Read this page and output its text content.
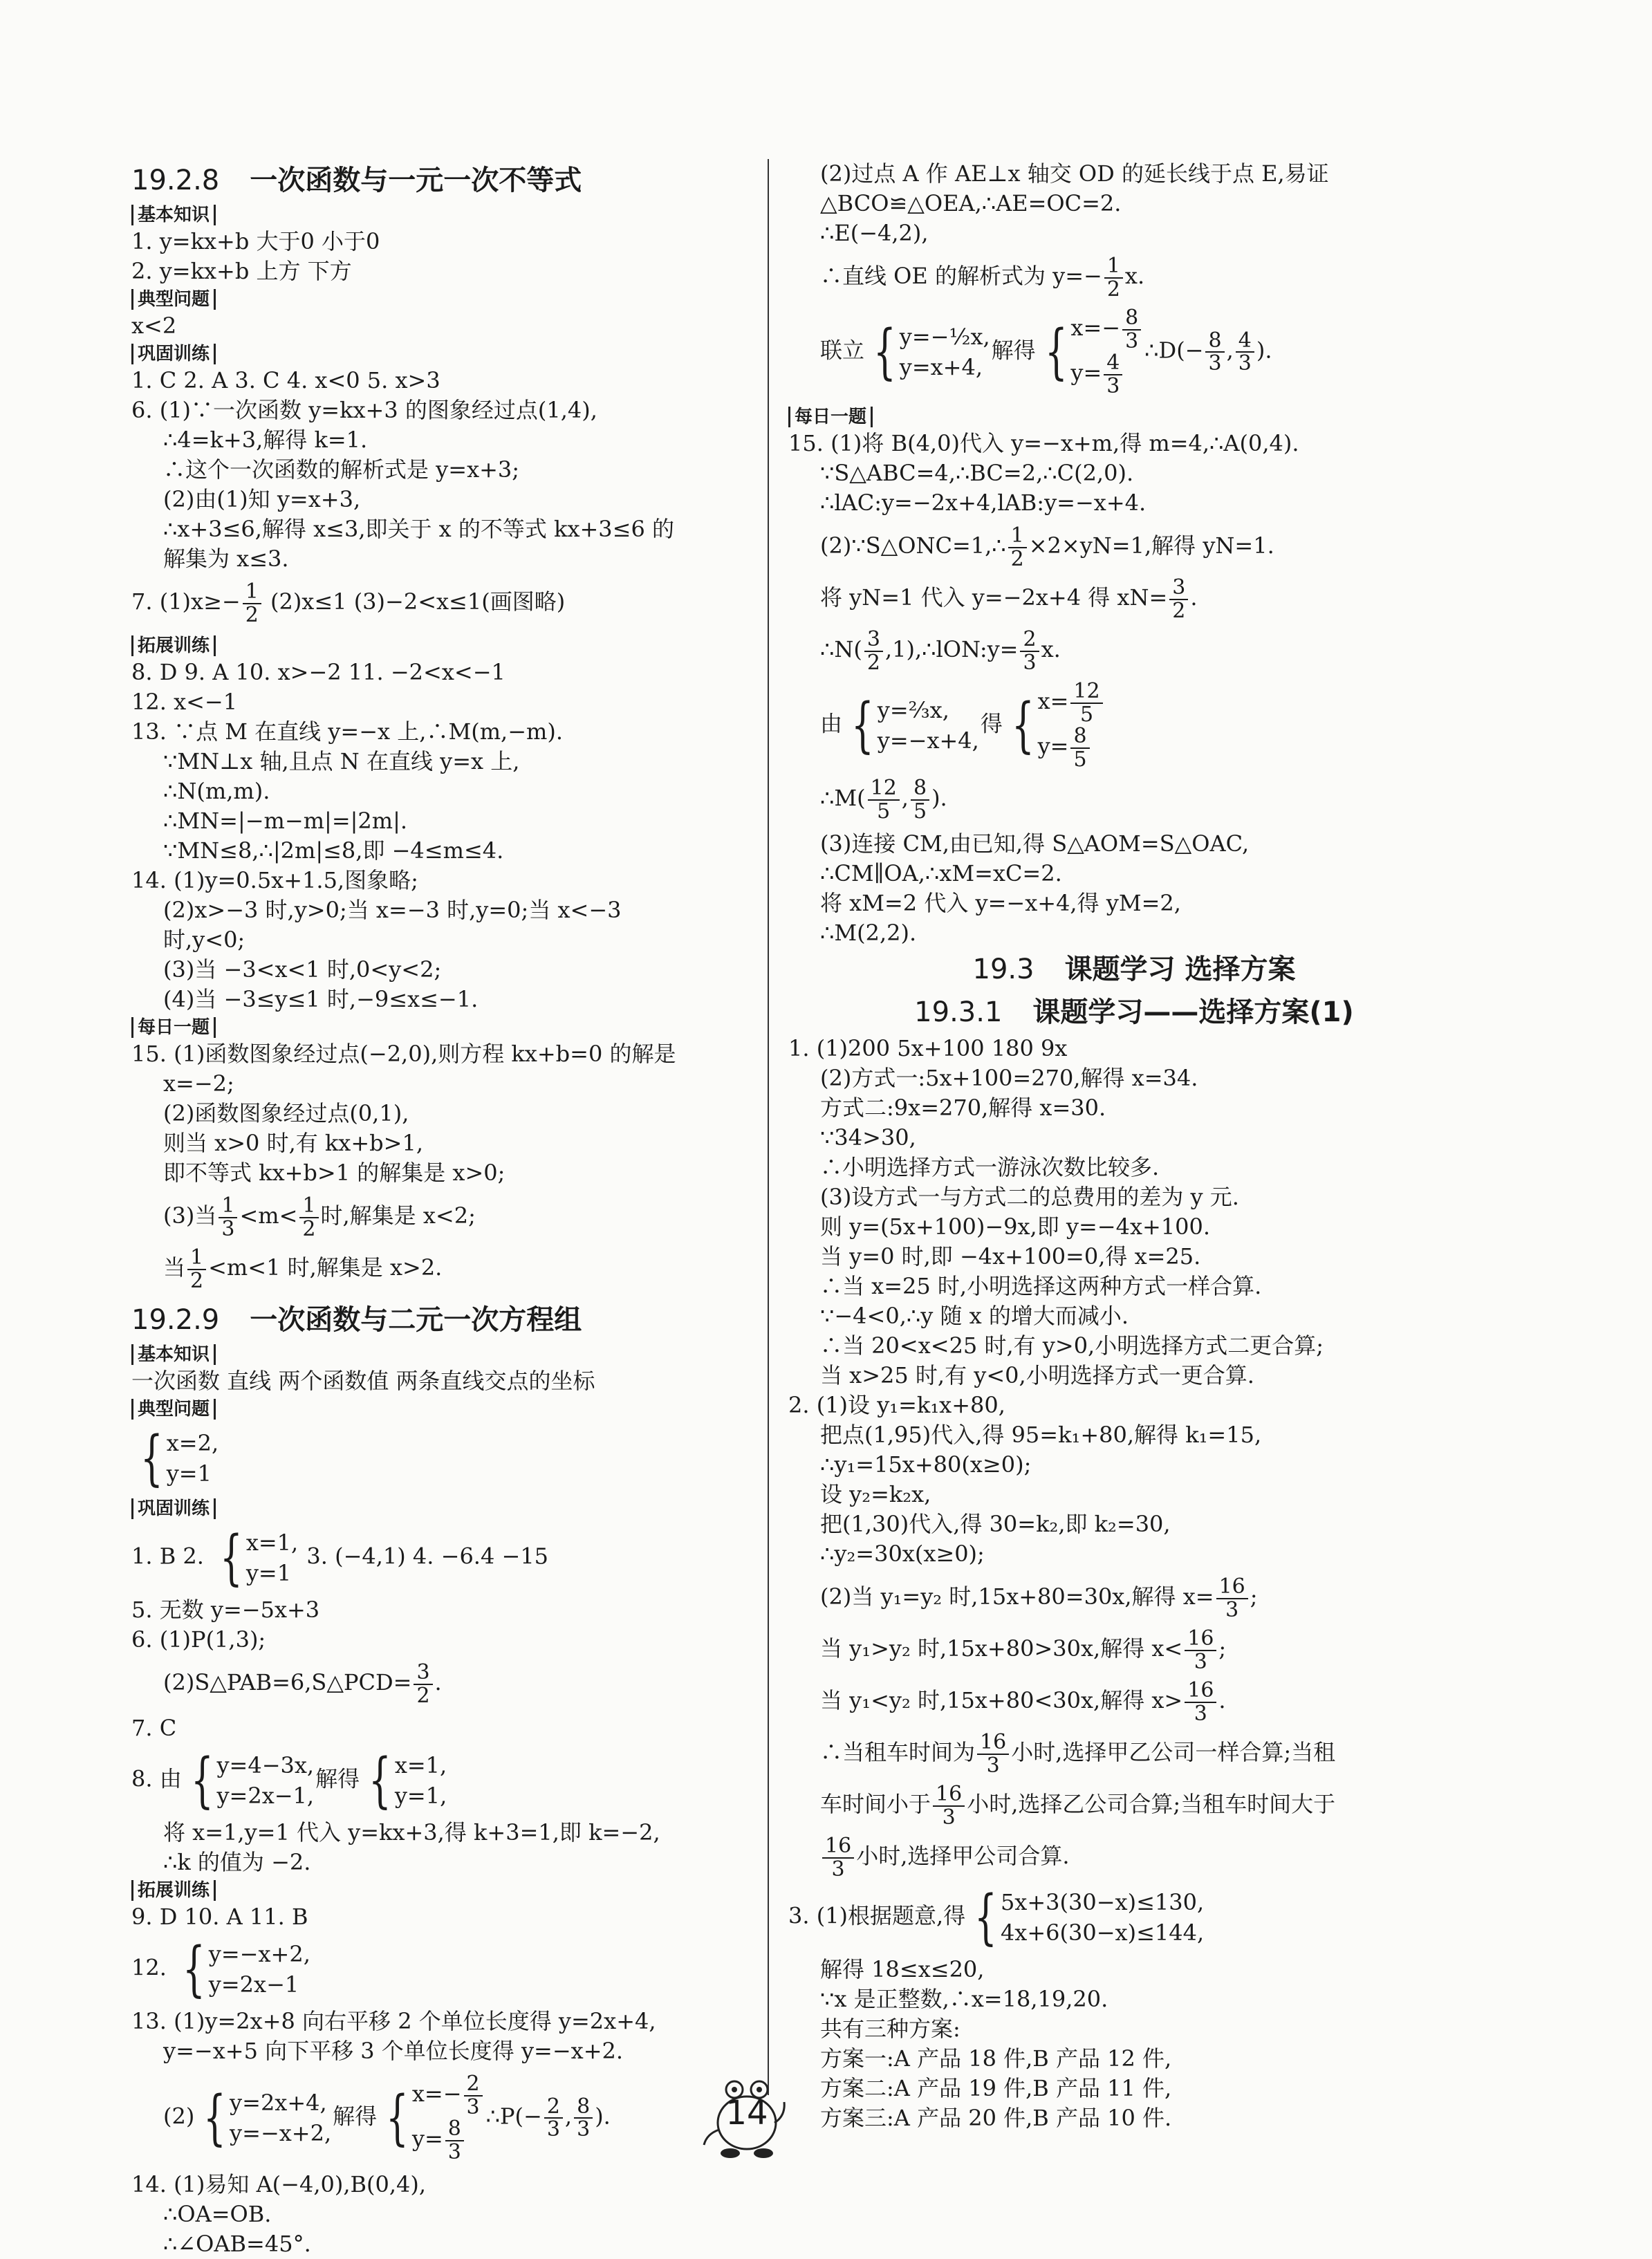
19.2.8 一次函数与一元一次不等式
基本知识
1. y=kx+b 大于0 小于0
2. y=kx+b 上方 下方
典型问题
x<2
巩固训练
1. C 2. A 3. C 4. x<0 5. x>3
6. (1)∵一次函数 y=kx+3 的图象经过点(1,4),
∴4=k+3,解得 k=1.
∴这个一次函数的解析式是 y=x+3;
(2)由(1)知 y=x+3,
∴x+3≤6,解得 x≤3,即关于 x 的不等式 kx+3≤6 的
解集为 x≤3.
7. $(1)x\ge- \frac{1}{2} (2)x\le 1$ (3)−2<x≤1(画图略)
拓展训练
8. D 9. A 10. x>−2 11. −2<x<−1
12. x<−1
13. ∵点 M 在直线 y=−x 上,∴M(m,−m).
∵MN⊥x 轴,且点 N 在直线 y=x 上,
∴N(m,m).
∴MN=|−m−m|=|2m|.
∵MN≤8,∴|2m|≤8,即 −4≤m≤4.
14. (1)y=0.5x+1.5,图象略;
(2)x>−3 时,y>0;当 x=−3 时,y=0;当 x<−3
时,y<0;
(3)当 −3<x<1 时,0<y<2;
(4)当 −3≤y≤1 时,−9≤x≤−1.
每日一题
15. (1)函数图象经过点(−2,0),则方程 kx+b=0 的解是
x=−2;
(2)函数图象经过点(0,1),
则当 x>0 时,有 kx+b>1,
即不等式 kx+b>1 的解集是 x>0;
(3)当 $\frac{1}{3} <m< \frac{1}{2}$ 时,解集是 x<2;
当 $\frac{1}{2} <m<1$ 时,解集是 x>2.
19.2.9 一次函数与二元一次方程组
基本知识
一次函数 直线 两个函数值 两条直线交点的坐标
典型问题
{ x=2,
y=1
巩固训练
1. B 2. { x=1,
y=1
3. (−4,1) 4. −6.4 −15
5. 无数 y=−5x+3
6. (1)P(1,3);
(2)S△PAB=6,S△PCD= $\frac{3}{2}$ .
7. C
8. 由 { y=4−3x,
y=2x−1,
解得 { x=1,
y=1,
将 x=1,y=1 代入 y=kx+3,得 k+3=1,即 k=−2,
∴k 的值为 −2.
拓展训练
9. D 10. A 11. B
12. { y=−x+2,
y=2x−1
13. (1)y=2x+8 向右平移 2 个单位长度得 y=2x+4,
y=−x+5 向下平移 3 个单位长度得 y=−x+2.
(2) { y=2x+4,
y=−x+2,
解得 { $x=- \frac{2}{3}$
$y= \frac{8}{3}$
∴P(− $\frac{2}{3}$ , $\frac{8}{3}$ ).
14. (1)易知 A(−4,0),B(0,4),
∴OA=OB.
∴∠OAB=45°.
(2)过点 A 作 AE⊥x 轴交 OD 的延长线于点 E,易证
△BCO≌△OEA,∴AE=OC=2.
∴E(−4,2),
∴直线 OE 的解析式为 $y=- \frac{1}{2} x$.
联立 { y=−½x,
y=x+4,
解得 { $x=- \frac{8}{3}$
$y= \frac{4}{3}$
∴D(− $\frac{8}{3}$ , $\frac{4}{3}$ ).
每日一题
15. (1)将 B(4,0)代入 y=−x+m,得 m=4,∴A(0,4).
∵S△ABC=4,∴BC=2,∴C(2,0).
∴lAC:y=−2x+4,lAB:y=−x+4.
(2)∵S△ONC=1,∴ $\frac{1}{2} \times 2\times yN=1$,解得 yN=1.
将 yN=1 代入 y=−2x+4 得 $xN= \frac{3}{2}$ .
∴N( $\frac{3}{2}$ ,1),∴lON:y= $\frac{2}{3} x$.
由 { y=⅔x,
y=−x+4,
得 { $x= \frac{12}{5}$
$y= \frac{8}{5}$
∴M( $\frac{12}{5}$ , $\frac{8}{5}$ ).
(3)连接 CM,由已知,得 S△AOM=S△OAC,
∴CM∥OA,∴xM=xC=2.
将 xM=2 代入 y=−x+4,得 yM=2,
∴M(2,2).
19.3 课题学习 选择方案
19.3.1 课题学习——选择方案(1)
1. (1)200 5x+100 180 9x
(2)方式一:5x+100=270,解得 x=34.
方式二:9x=270,解得 x=30.
∵34>30,
∴小明选择方式一游泳次数比较多.
(3)设方式一与方式二的总费用的差为 y 元.
则 y=(5x+100)−9x,即 y=−4x+100.
当 y=0 时,即 −4x+100=0,得 x=25.
∴当 x=25 时,小明选择这两种方式一样合算.
∵−4<0,∴y 随 x 的增大而减小.
∴当 20<x<25 时,有 y>0,小明选择方式二更合算;
当 x>25 时,有 y<0,小明选择方式一更合算.
2. (1)设 y₁=k₁x+80,
把点(1,95)代入,得 95=k₁+80,解得 k₁=15,
∴y₁=15x+80(x≥0);
设 y₂=k₂x,
把(1,30)代入,得 30=k₂,即 k₂=30,
∴y₂=30x(x≥0);
(2)当 y₁=y₂ 时,15x+80=30x,解得 $x= \frac{16}{3}$ ;
当 y₁>y₂ 时,15x+80>30x,解得 $x< \frac{16}{3}$ ;
当 y₁<y₂ 时,15x+80<30x,解得 $x> \frac{16}{3}$ .
∴当租车时间为 $\frac{16}{3}$ 小时,选择甲乙公司一样合算;当租
车时间小于 $\frac{16}{3}$ 小时,选择乙公司合算;当租车时间大于
$\frac{16}{3}$ 小时,选择甲公司合算.
3. (1)根据题意,得 { 5x+3(30−x)≤130,
4x+6(30−x)≤144,
解得 18≤x≤20,
∵x 是正整数,∴x=18,19,20.
共有三种方案:
方案一:A 产品 18 件,B 产品 12 件,
方案二:A 产品 19 件,B 产品 11 件,
方案三:A 产品 20 件,B 产品 10 件.
14
